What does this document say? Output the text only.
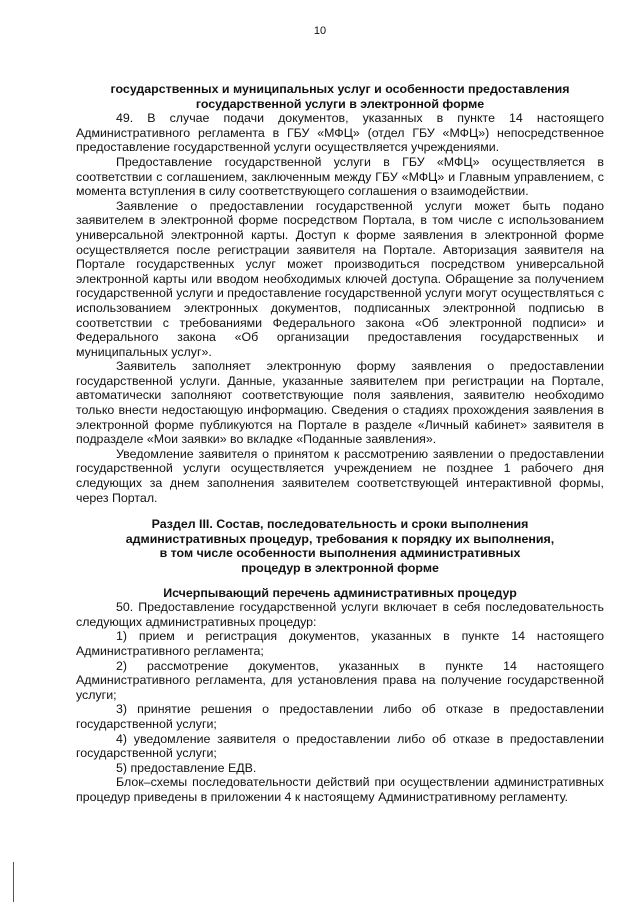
10
государственных и муниципальных услуг и особенности предоставления
государственной услуги в электронной форме

49. В случае подачи документов, указанных в пункте 14 настоящего Административного регламента в ГБУ «МФЦ» (отдел ГБУ «МФЦ») непосредственное предоставление государственной услуги осуществляется учреждениями.

Предоставление государственной услуги в ГБУ «МФЦ» осуществляется в соответствии с соглашением, заключенным между ГБУ «МФЦ» и Главным управлением, с момента вступления в силу соответствующего соглашения о взаимодействии.

Заявление о предоставлении государственной услуги может быть подано заявителем в электронной форме посредством Портала, в том числе с использованием универсальной электронной карты. Доступ к форме заявления в электронной форме осуществляется после регистрации заявителя на Портале. Авторизация заявителя на Портале государственных услуг может производиться посредством универсальной электронной карты или вводом необходимых ключей доступа. Обращение за получением государственной услуги и предоставление государственной услуги могут осуществляться с использованием электронных документов, подписанных электронной подписью в соответствии с требованиями Федерального закона «Об электронной подписи» и Федерального закона «Об организации предоставления государственных и муниципальных услуг».

Заявитель заполняет электронную форму заявления о предоставлении государственной услуги. Данные, указанные заявителем при регистрации на Портале, автоматически заполняют соответствующие поля заявления, заявителю необходимо только внести недостающую информацию. Сведения о стадиях прохождения заявления в электронной форме публикуются на Портале в разделе «Личный кабинет» заявителя в подразделе «Мои заявки» во вкладке «Поданные заявления».

Уведомление заявителя о принятом к рассмотрению заявлении о предоставлении государственной услуги осуществляется учреждением не позднее 1 рабочего дня следующих за днем заполнения заявителем соответствующей интерактивной формы, через Портал.

Раздел III. Состав, последовательность и сроки выполнения
административных процедур, требования к порядку их выполнения,
в том числе особенности выполнения административных
процедур в электронной форме
Исчерпывающий перечень административных процедур

50. Предоставление государственной услуги включает в себя последовательность следующих административных процедур:

1) прием и регистрация документов, указанных в пункте 14 настоящего Административного регламента;

2) рассмотрение документов, указанных в пункте 14 настоящего Административного регламента, для установления права на получение государственной услуги;

3) принятие решения о предоставлении либо об отказе в предоставлении государственной услуги;

4) уведомление заявителя о предоставлении либо об отказе в предоставлении государственной услуги;

5) предоставление ЕДВ.

Блок–схемы последовательности действий при осуществлении административных процедур приведены в приложении 4 к настоящему Административному регламенту.
